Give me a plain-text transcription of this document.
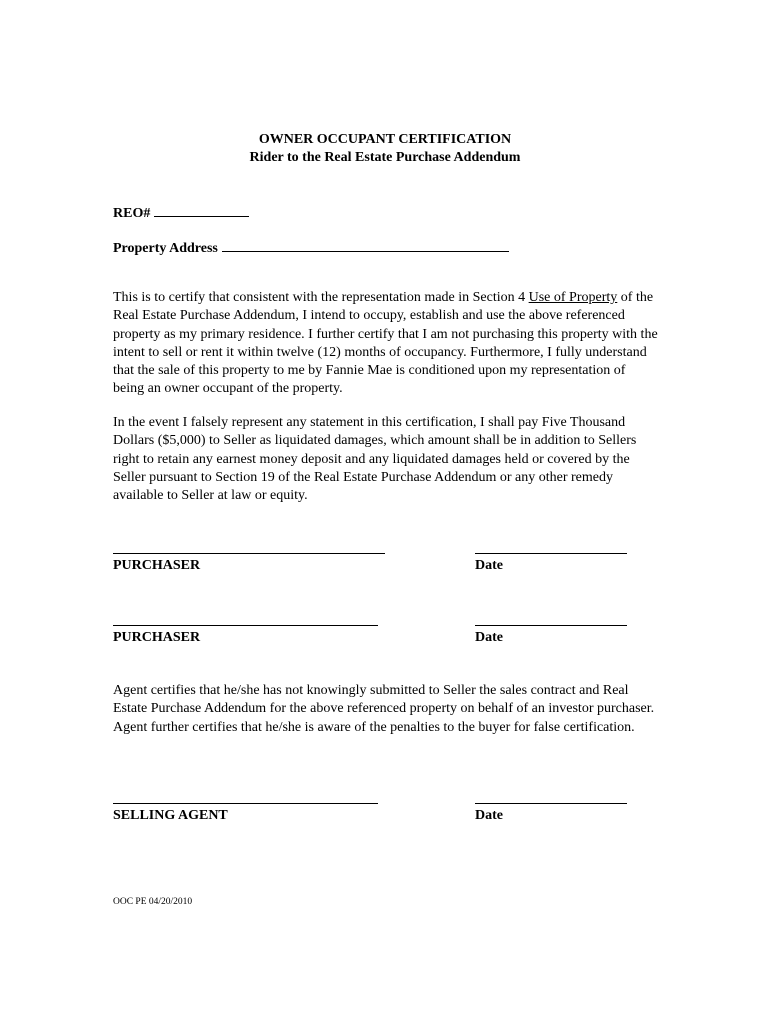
OWNER OCCUPANT CERTIFICATION
Rider to the Real Estate Purchase Addendum
REO#
Property Address
This is to certify that consistent with the representation made in Section 4 Use of Property of the Real Estate Purchase Addendum, I intend to occupy, establish and use the above referenced property as my primary residence. I further certify that I am not purchasing this property with the intent to sell or rent it within twelve (12) months of occupancy. Furthermore, I fully understand that the sale of this property to me by Fannie Mae is conditioned upon my representation of being an owner occupant of the property.
In the event I falsely represent any statement in this certification, I shall pay Five Thousand Dollars ($5,000) to Seller as liquidated damages, which amount shall be in addition to Sellers right to retain any earnest money deposit and any liquidated damages held or covered by the Seller pursuant to Section 19 of the Real Estate Purchase Addendum or any other remedy available to Seller at law or equity.
PURCHASER	Date
PURCHASER	Date
Agent certifies that he/she has not knowingly submitted to Seller the sales contract and Real Estate Purchase Addendum for the above referenced property on behalf of an investor purchaser. Agent further certifies that he/she is aware of the penalties to the buyer for false certification.
SELLING AGENT	Date
OOC PE 04/20/2010
